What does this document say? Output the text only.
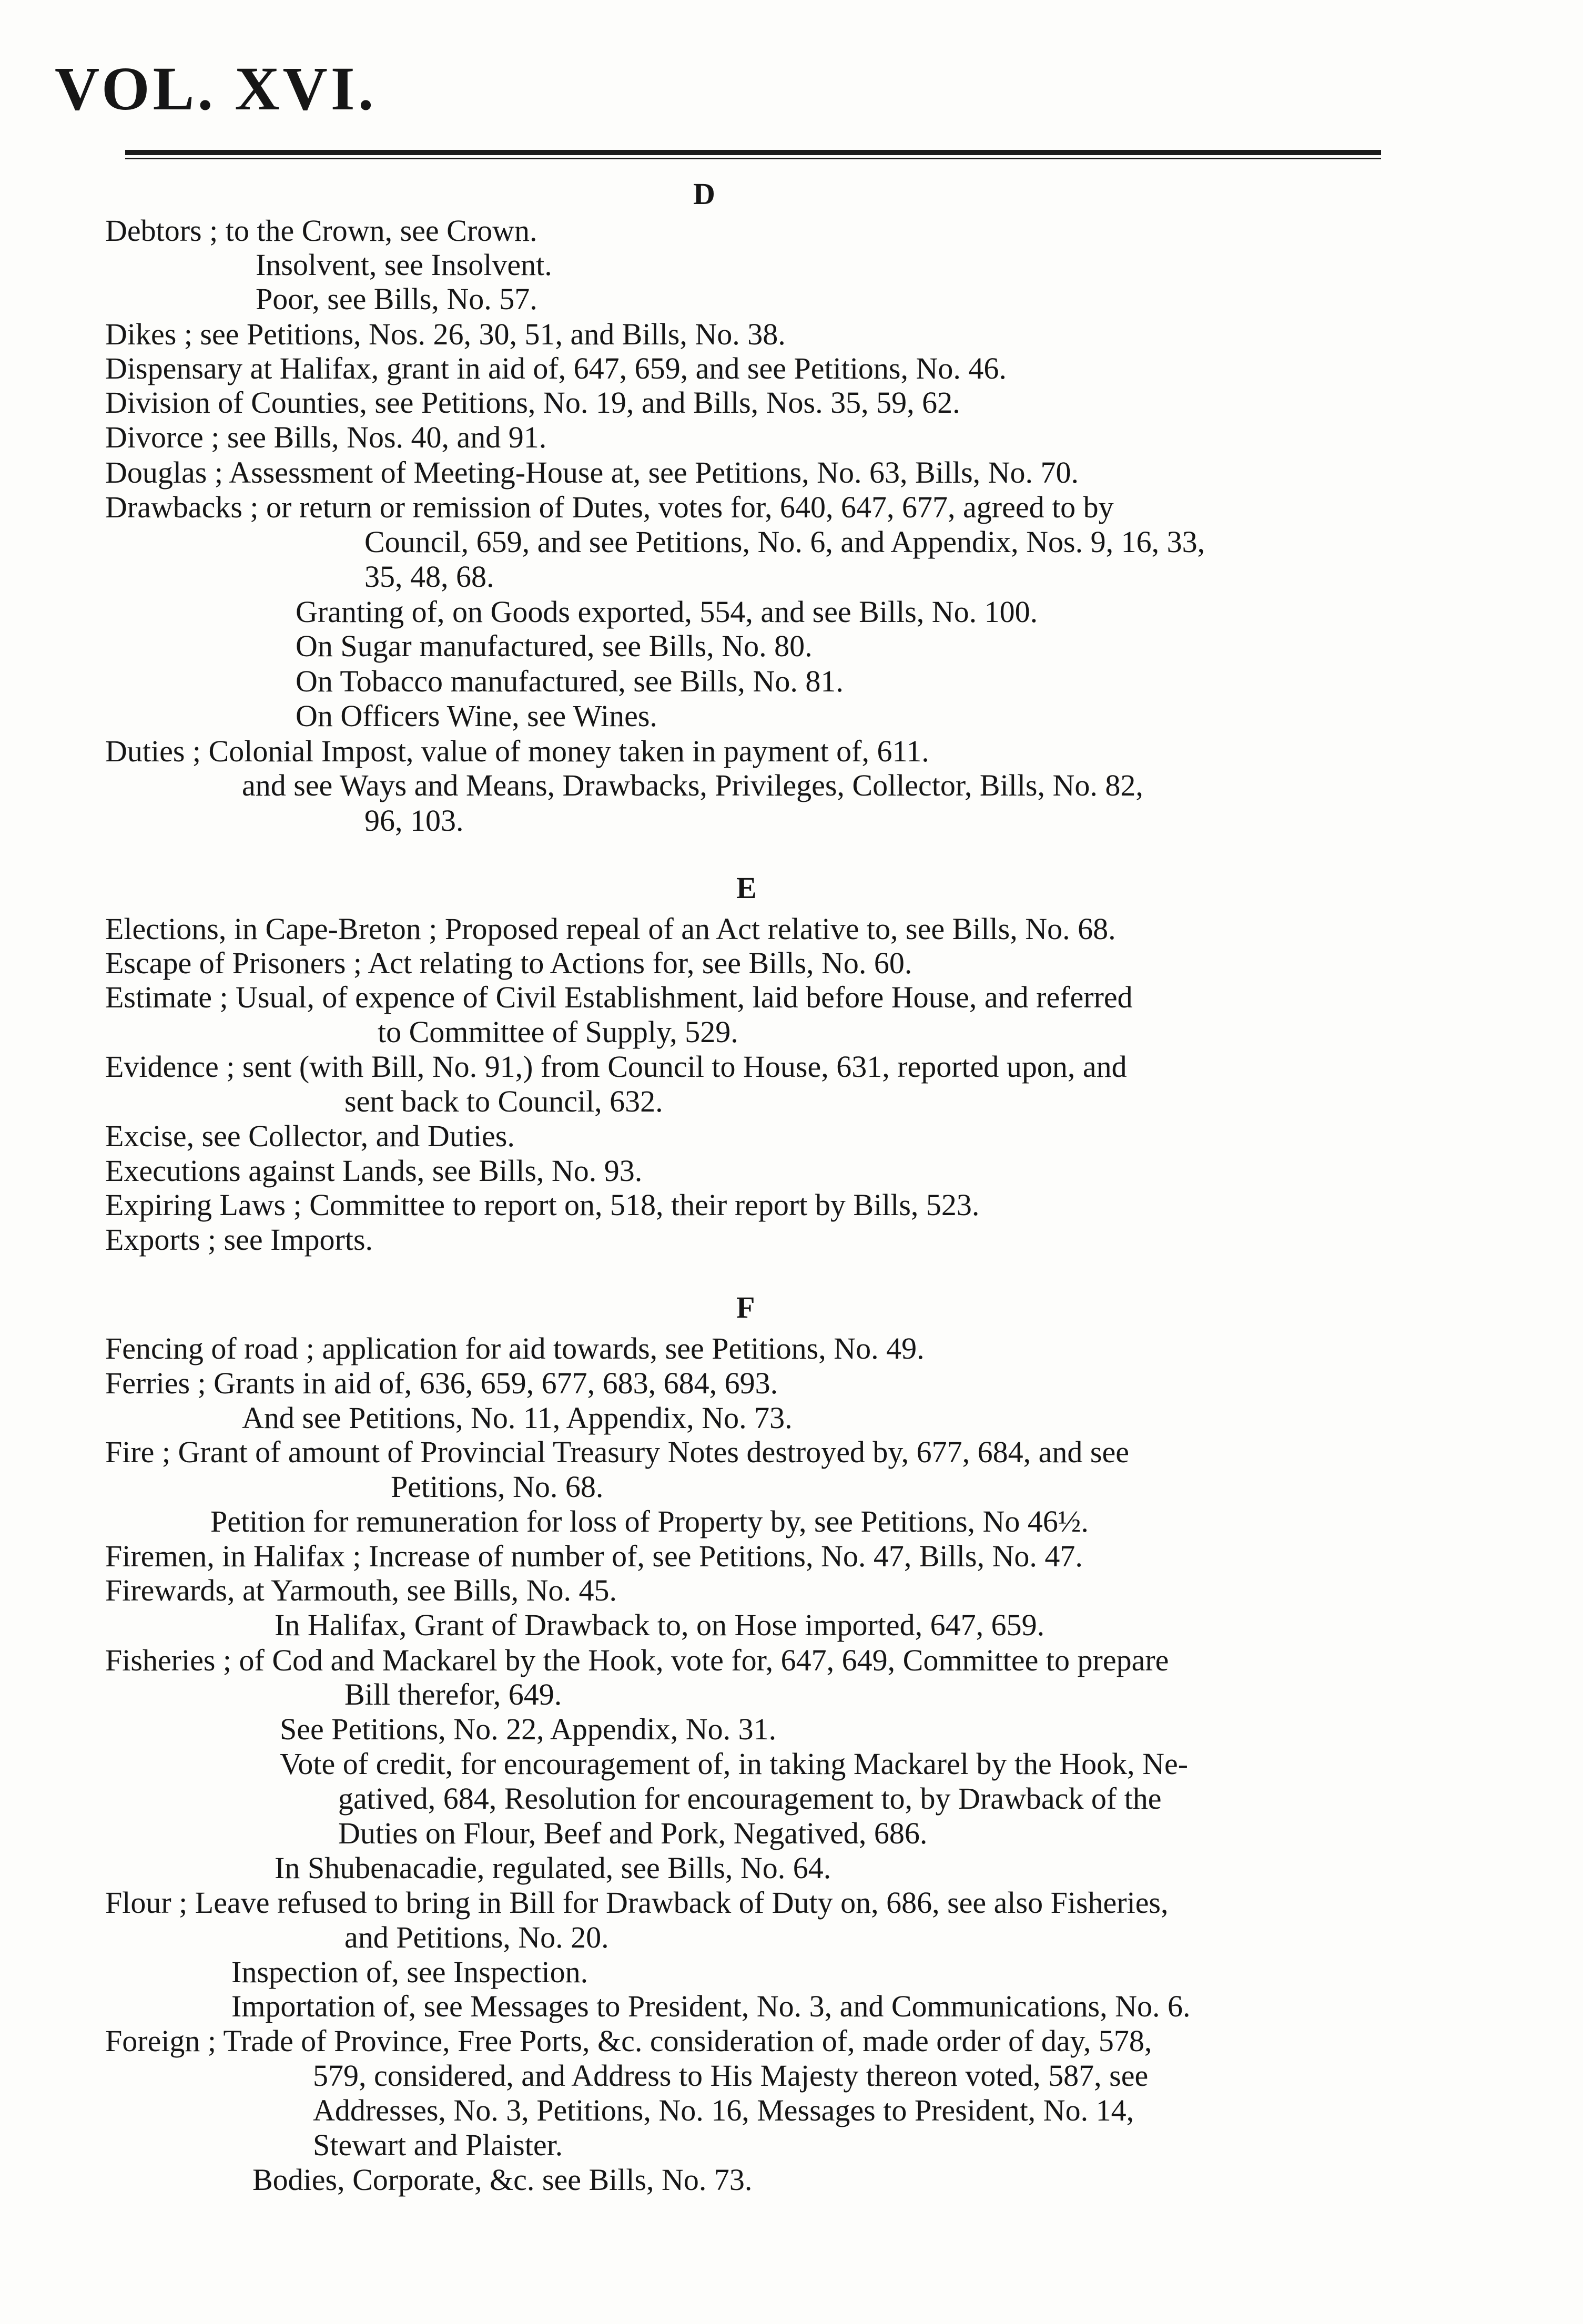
VOL. XVI.
D
Debtors ; to the Crown, see Crown.
Insolvent, see Insolvent.
Poor, see Bills, No. 57.
Dikes ; see Petitions, Nos. 26, 30, 51, and Bills, No. 38.
Dispensary at Halifax, grant in aid of, 647, 659, and see Petitions, No. 46.
Division of Counties, see Petitions, No. 19, and Bills, Nos. 35, 59, 62.
Divorce ; see Bills, Nos. 40, and 91.
Douglas ; Assessment of Meeting-House at, see Petitions, No. 63, Bills, No. 70.
Drawbacks ; or return or remission of Dutes, votes for, 640, 647, 677, agreed to by
Council, 659, and see Petitions, No. 6, and Appendix, Nos. 9, 16, 33,
35, 48, 68.
Granting of, on Goods exported, 554, and see Bills, No. 100.
On Sugar manufactured, see Bills, No. 80.
On Tobacco manufactured, see Bills, No. 81.
On Officers Wine, see Wines.
Duties ; Colonial Impost, value of money taken in payment of, 611.
and see Ways and Means, Drawbacks, Privileges, Collector, Bills, No. 82,
96, 103.
E
Elections, in Cape-Breton ; Proposed repeal of an Act relative to, see Bills, No. 68.
Escape of Prisoners ; Act relating to Actions for, see Bills, No. 60.
Estimate ; Usual, of expence of Civil Establishment, laid before House, and referred
to Committee of Supply, 529.
Evidence ; sent (with Bill, No. 91,) from Council to House, 631, reported upon, and
sent back to Council, 632.
Excise, see Collector, and Duties.
Executions against Lands, see Bills, No. 93.
Expiring Laws ; Committee to report on, 518, their report by Bills, 523.
Exports ; see Imports.
F
Fencing of road ; application for aid towards, see Petitions, No. 49.
Ferries ; Grants in aid of, 636, 659, 677, 683, 684, 693.
And see Petitions, No. 11, Appendix, No. 73.
Fire ; Grant of amount of Provincial Treasury Notes destroyed by, 677, 684, and see
Petitions, No. 68.
Petition for remuneration for loss of Property by, see Petitions, No 46½.
Firemen, in Halifax ; Increase of number of, see Petitions, No. 47, Bills, No. 47.
Firewards, at Yarmouth, see Bills, No. 45.
In Halifax, Grant of Drawback to, on Hose imported, 647, 659.
Fisheries ; of Cod and Mackarel by the Hook, vote for, 647, 649, Committee to prepare
Bill therefor, 649.
See Petitions, No. 22, Appendix, No. 31.
Vote of credit, for encouragement of, in taking Mackarel by the Hook, Ne-
gatived, 684, Resolution for encouragement to, by Drawback of the
Duties on Flour, Beef and Pork, Negatived, 686.
In Shubenacadie, regulated, see Bills, No. 64.
Flour ; Leave refused to bring in Bill for Drawback of Duty on, 686, see also Fisheries,
and Petitions, No. 20.
Inspection of, see Inspection.
Importation of, see Messages to President, No. 3, and Communications, No. 6.
Foreign ; Trade of Province, Free Ports, &c. consideration of, made order of day, 578,
579, considered, and Address to His Majesty thereon voted, 587, see
Addresses, No. 3, Petitions, No. 16, Messages to President, No. 14,
Stewart and Plaister.
Bodies, Corporate, &c. see Bills, No. 73.
